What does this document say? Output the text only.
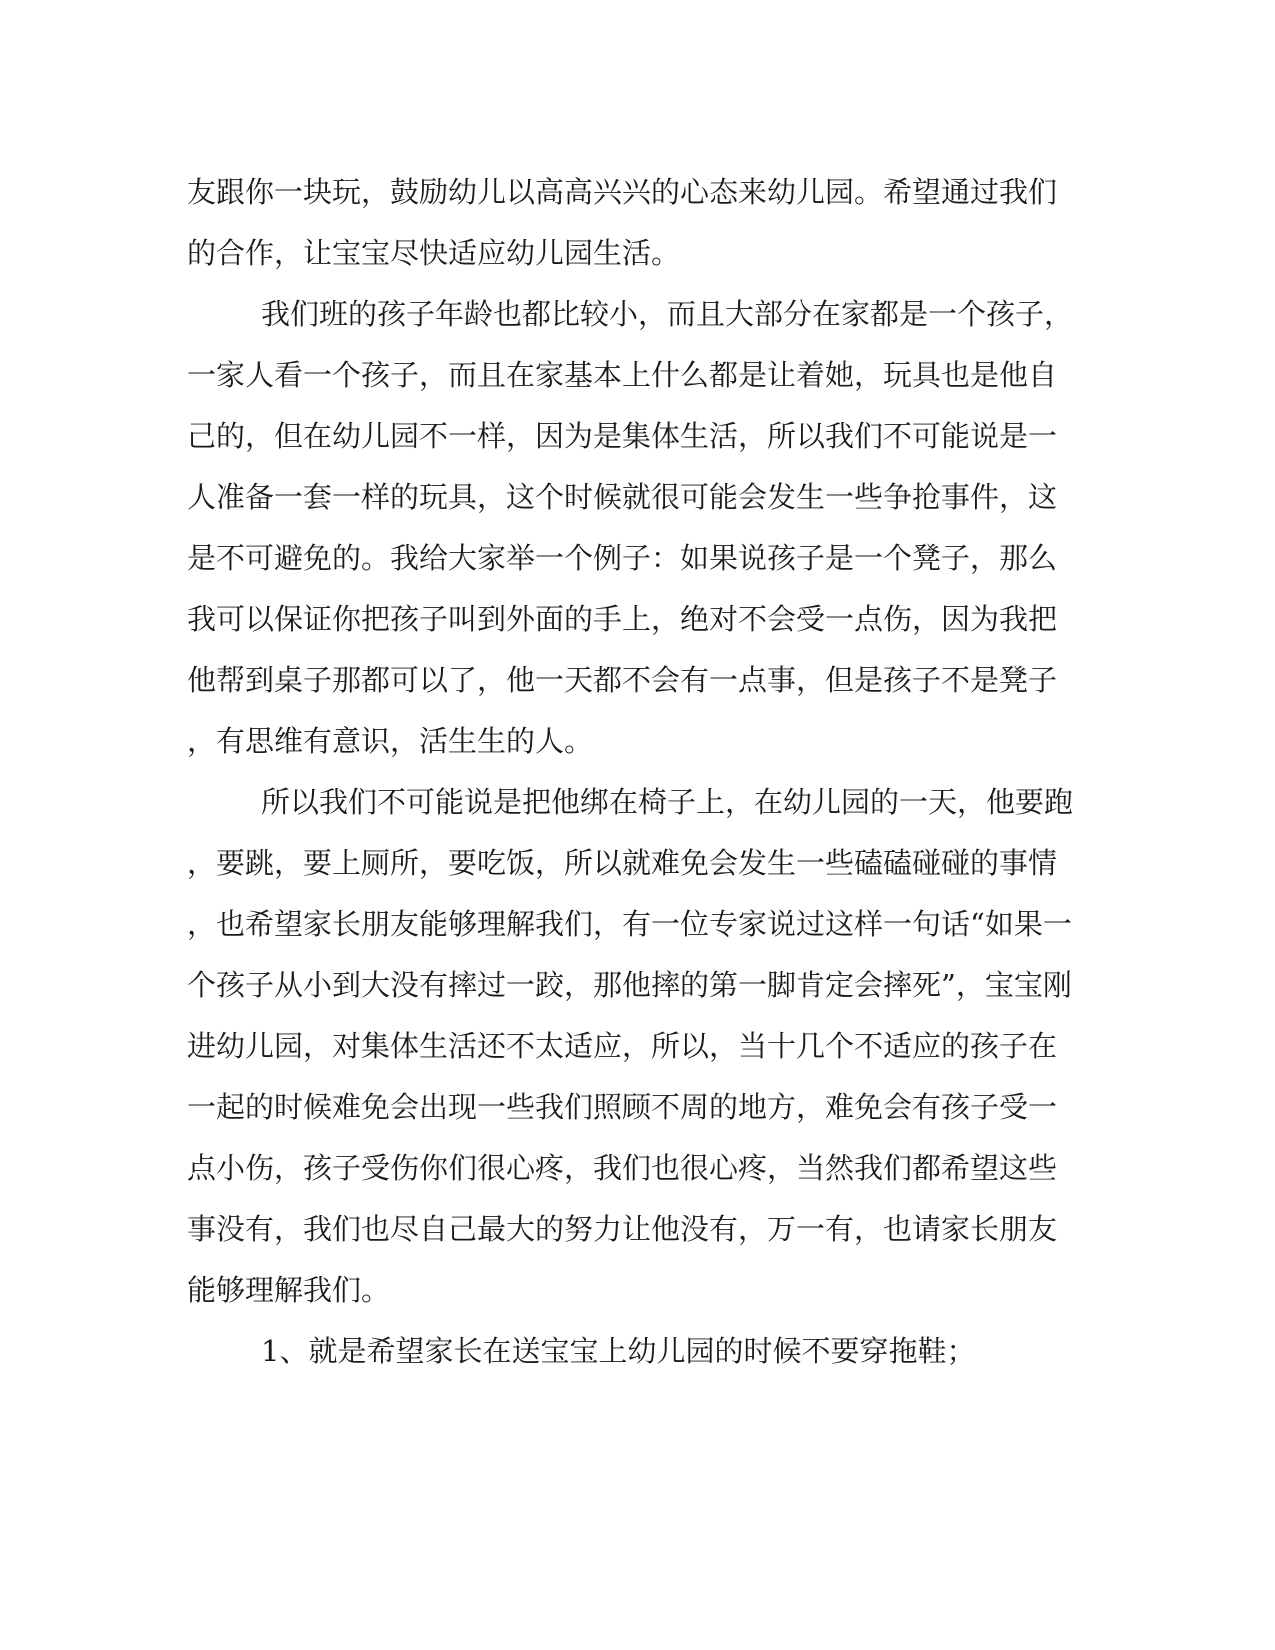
友跟你一块玩，鼓励幼儿以高高兴兴的心态来幼儿园。希望通过我们
的合作，让宝宝尽快适应幼儿园生活。
我们班的孩子年龄也都比较小，而且大部分在家都是一个孩子，
一家人看一个孩子，而且在家基本上什么都是让着她，玩具也是他自
己的，但在幼儿园不一样，因为是集体生活，所以我们不可能说是一
人准备一套一样的玩具，这个时候就很可能会发生一些争抢事件，这
是不可避免的。我给大家举一个例子：如果说孩子是一个凳子，那么
我可以保证你把孩子叫到外面的手上，绝对不会受一点伤，因为我把
他帮到桌子那都可以了，他一天都不会有一点事，但是孩子不是凳子
，有思维有意识，活生生的人。
所以我们不可能说是把他绑在椅子上，在幼儿园的一天，他要跑
，要跳，要上厕所，要吃饭，所以就难免会发生一些磕磕碰碰的事情
，也希望家长朋友能够理解我们，有一位专家说过这样一句话“如果一
个孩子从小到大没有摔过一跤，那他摔的第一脚肯定会摔死”，宝宝刚
进幼儿园，对集体生活还不太适应，所以，当十几个不适应的孩子在
一起的时候难免会出现一些我们照顾不周的地方，难免会有孩子受一
点小伤，孩子受伤你们很心疼，我们也很心疼，当然我们都希望这些
事没有，我们也尽自己最大的努力让他没有，万一有，也请家长朋友
能够理解我们。
1、就是希望家长在送宝宝上幼儿园的时候不要穿拖鞋；
